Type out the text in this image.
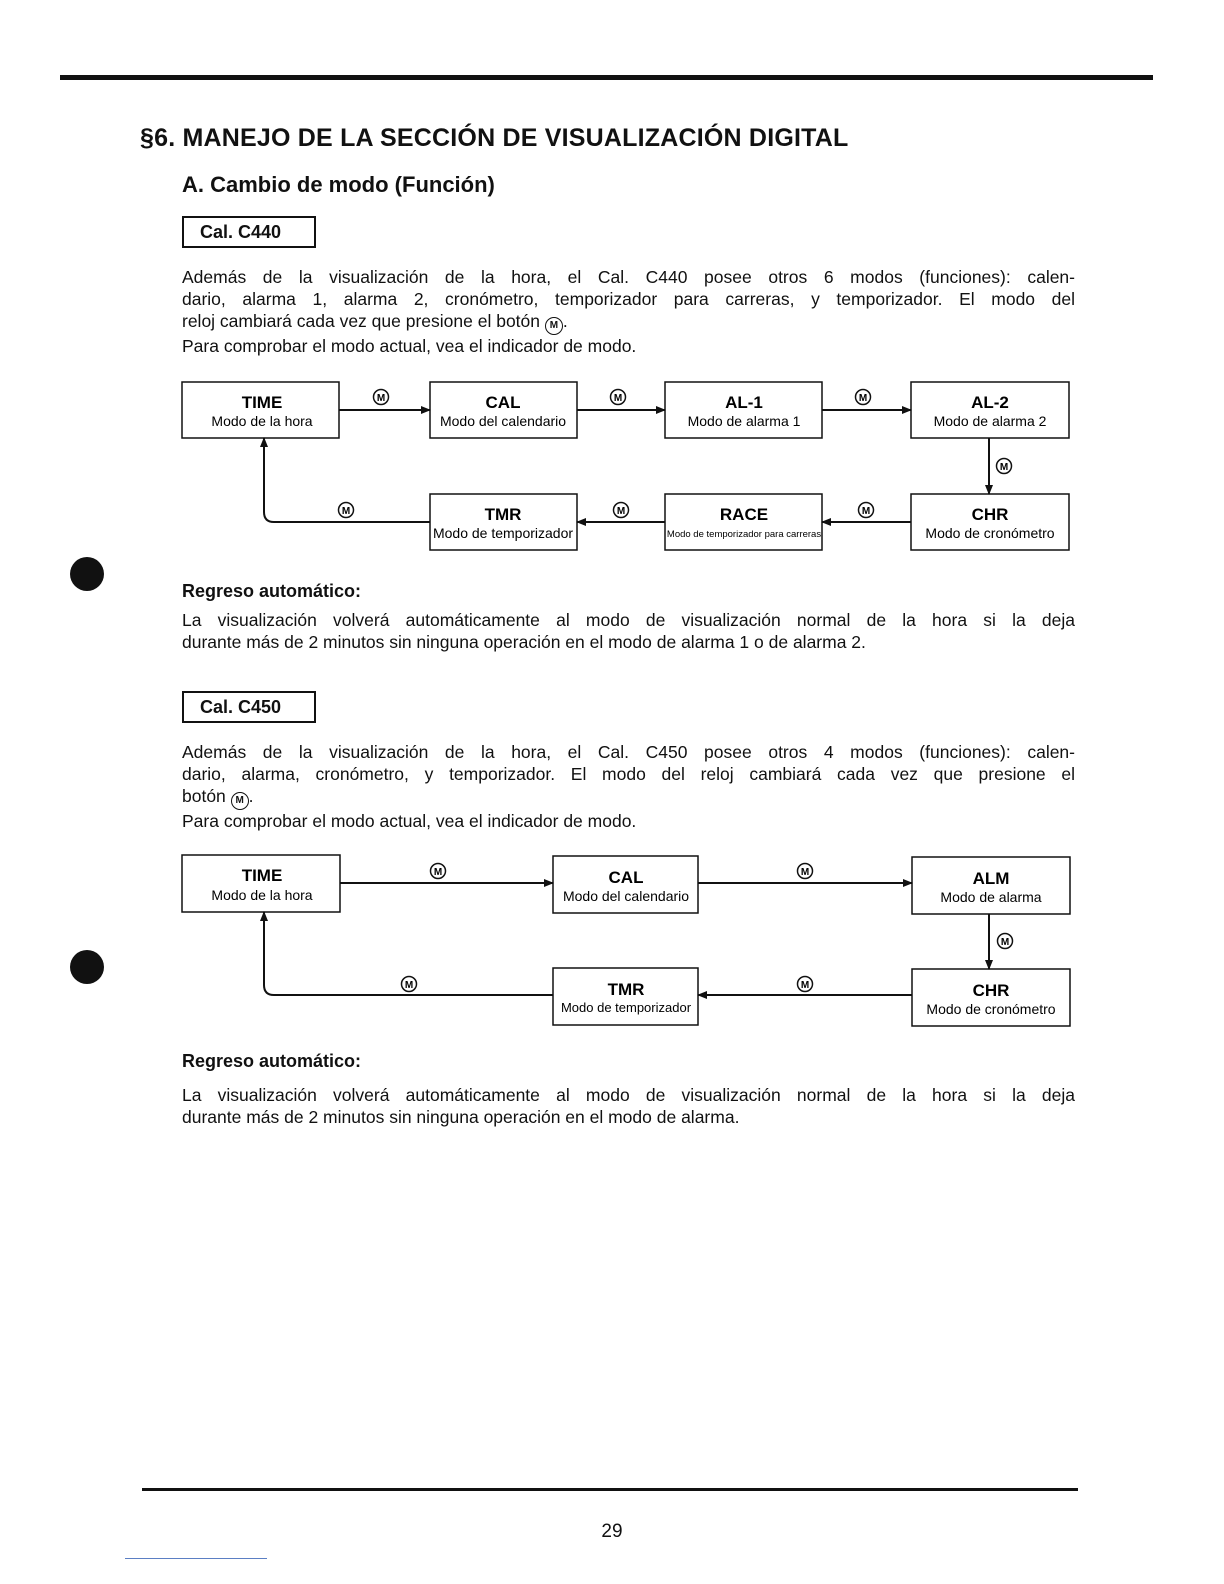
§6. MANEJO DE LA SECCIÓN DE VISUALIZACIÓN DIGITAL
A. Cambio de modo (Función)
Cal. C440
Además de la visualización de la hora, el Cal. C440 posee otros 6 modos (funciones): calen-
dario, alarma 1, alarma 2, cronómetro, temporizador para carreras, y temporizador. El modo del
reloj cambiará cada vez que presione el botón M .
Para comprobar el modo actual, vea el indicador de modo.
TIME
Modo de la hora
CAL
Modo del calendario
AL-1
Modo de alarma 1
AL-2
Modo de alarma 2
TMR
Modo de temporizador
RACE
Modo de temporizador para carreras
CHR
Modo de cronómetro
M	M	M
M
M
M
M

Regreso automático:

La visualización volverá automáticamente al modo de visualización normal de la hora si la deja
durante más de 2 minutos sin ninguna operación en el modo de alarma 1 o de alarma 2.
Cal. C450
Además de la visualización de la hora, el Cal. C450 posee otros 4 modos (funciones): calen-
dario, alarma, cronómetro, y temporizador. El modo del reloj cambiará cada vez que presione el
botón M .
Para comprobar el modo actual, vea el indicador de modo.
TIME
Modo de la hora
CAL
Modo del calendario
ALM
Modo de alarma
TMR
Modo de temporizador
CHR
Modo de cronómetro
M	M
M
M
M

Regreso automático:

La visualización volverá automáticamente al modo de visualización normal de la hora si la deja
durante más de 2 minutos sin ninguna operación en el modo de alarma.
29
